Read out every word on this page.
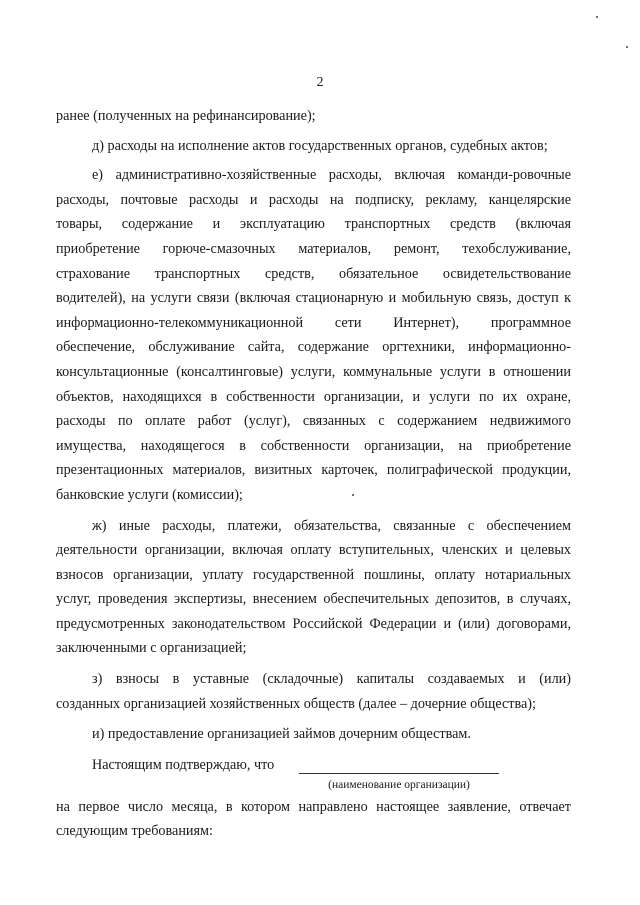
2
ранее (полученных на рефинансирование);
д) расходы на исполнение актов государственных органов, судебных актов;
е) административно-хозяйственные расходы, включая команди-ровочные
расходы, почтовые расходы и расходы на подписку, рекламу, канцелярские
товары, содержание и эксплуатацию транспортных средств (включая
приобретение горюче-смазочных материалов, ремонт, техобслуживание,
страхование транспортных средств, обязательное освидетельствование
водителей), на услуги связи (включая стационарную и мобильную связь, доступ к
информационно-телекоммуникационной сети Интернет), программное
обеспечение, обслуживание сайта, содержание оргтехники, информационно-
консультационные (консалтинговые) услуги, коммунальные услуги в отношении
объектов, находящихся в собственности организации, и услуги по их охране,
расходы по оплате работ (услуг), связанных с содержанием недвижимого
имущества, находящегося в собственности организации, на приобретение
презентационных материалов, визитных карточек, полиграфической продукции,
банковские услуги (комиссии);
ж) иные расходы, платежи, обязательства, связанные с обеспечением
деятельности организации, включая оплату вступительных, членских и целевых
взносов организации, уплату государственной пошлины, оплату нотариальных
услуг, проведения экспертизы, внесением обеспечительных депозитов, в случаях,
предусмотренных законодательством Российской Федерации и (или) договорами,
заключенными с организацией;
з) взносы в уставные (складочные) капиталы создаваемых и (или)
созданных организацией хозяйственных обществ (далее – дочерние общества);
и) предоставление организацией займов дочерним обществам.
Настоящим подтверждаю, что
(наименование организации)
на первое число месяца, в котором направлено настоящее заявление, отвечает
следующим требованиям:
